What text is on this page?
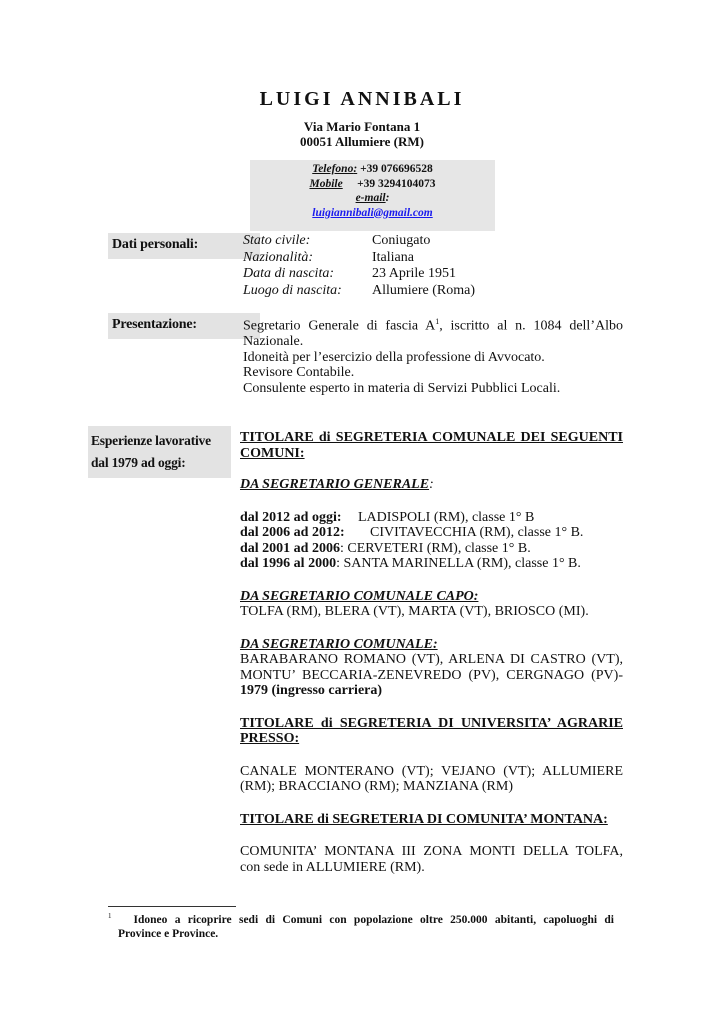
LUIGI ANNIBALI
Via Mario Fontana 1
00051 Allumiere (RM)
Telefono: +39 076696528
Mobile +39 3294104073
e-mail:
luigiannibali@gmail.com
Dati personali:	Stato civile:	Coniugato
Nazionalità:	Italiana
Data di nascita:	23 Aprile 1951
Luogo di nascita: Allumiere (Roma)
Presentazione:	Segretario Generale di fascia $A^1$, iscritto al n. 1084 dell’Albo
Nazionale.
Idoneità per l’esercizio della professione di Avvocato.
Revisore Contabile.
Consulente esperto in materia di Servizi Pubblici Locali.
Esperienze lavorative
dal 1979 ad oggi:
TITOLARE di SEGRETERIA COMUNALE DEI SEGUENTI
COMUNI:
DA SEGRETARIO GENERALE:
dal 2012 ad oggi: LADISPOLI (RM), classe 1° B
dal 2006 ad 2012: CIVITAVECCHIA (RM), classe 1° B.
dal 2001 ad 2006: CERVETERI (RM), classe 1° B.
dal 1996 al 2000: SANTA MARINELLA (RM), classe 1° B.
DA SEGRETARIO COMUNALE CAPO:
TOLFA (RM), BLERA (VT), MARTA (VT), BRIOSCO (MI).
DA SEGRETARIO COMUNALE:
BARABARANO ROMANO (VT), ARLENA DI CASTRO (VT),
MONTU’ BECCARIA-ZENEVREDO (PV), CERGNAGO (PV)-
1979 (ingresso carriera)
TITOLARE di SEGRETERIA DI UNIVERSITA’ AGRARIE
PRESSO:
CANALE MONTERANO (VT); VEJANO (VT); ALLUMIERE
(RM); BRACCIANO (RM); MANZIANA (RM)
TITOLARE di SEGRETERIA DI COMUNITA’ MONTANA:
COMUNITA’ MONTANA III ZONA MONTI DELLA TOLFA,
con sede in ALLUMIERE (RM).
$^1$ Idoneo a ricoprire sedi di Comuni con popolazione oltre 250.000 abitanti, capoluoghi di
Province e Province.
